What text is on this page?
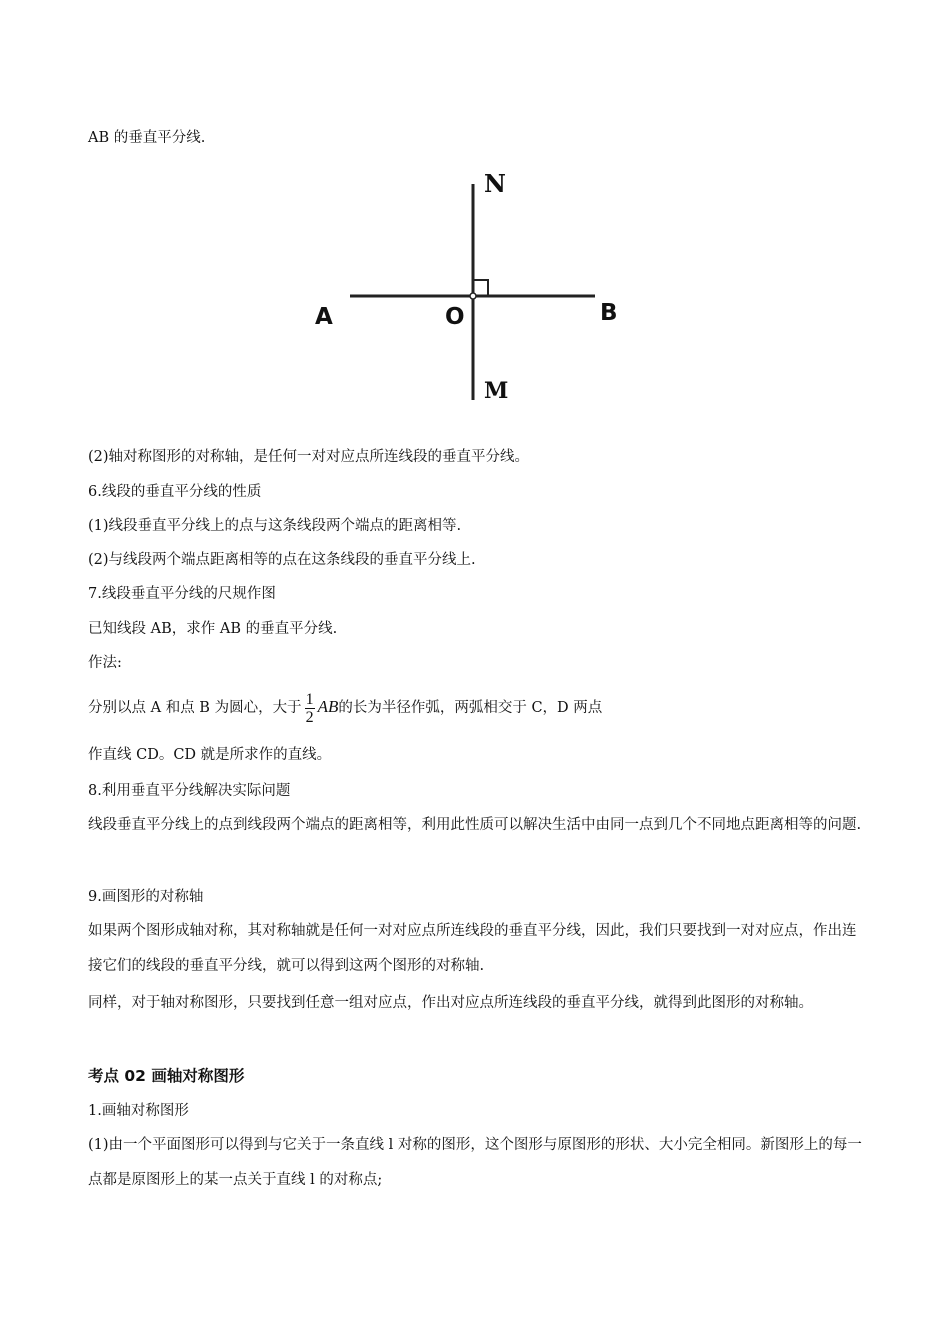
AB 的垂直平分线.
N
A	O	B
M
(2)轴对称图形的对称轴，是任何一对对应点所连线段的垂直平分线。
6.线段的垂直平分线的性质
(1)线段垂直平分线上的点与这条线段两个端点的距离相等.
(2)与线段两个端点距离相等的点在这条线段的垂直平分线上.
7.线段垂直平分线的尺规作图
已知线段 AB，求作 AB 的垂直平分线.
作法:
分别以点 A 和点 B 为圆心，大于 $\frac{1}{2}$ AB的长为半径作弧，两弧相交于 C，D 两点
作直线 CD。CD 就是所求作的直线。
8.利用垂直平分线解决实际问题
线段垂直平分线上的点到线段两个端点的距离相等，利用此性质可以解决生活中由同一点到几个不同地点距离相等的问题.
9.画图形的对称轴
如果两个图形成轴对称，其对称轴就是任何一对对应点所连线段的垂直平分线，因此，我们只要找到一对对应点，作出连接它们的线段的垂直平分线，就可以得到这两个图形的对称轴.
同样，对于轴对称图形，只要找到任意一组对应点，作出对应点所连线段的垂直平分线，就得到此图形的对称轴。
考点 02 画轴对称图形
1.画轴对称图形
(1)由一个平面图形可以得到与它关于一条直线 l 对称的图形，这个图形与原图形的形状、大小完全相同。新图形上的每一点都是原图形上的某一点关于直线 l 的对称点;
